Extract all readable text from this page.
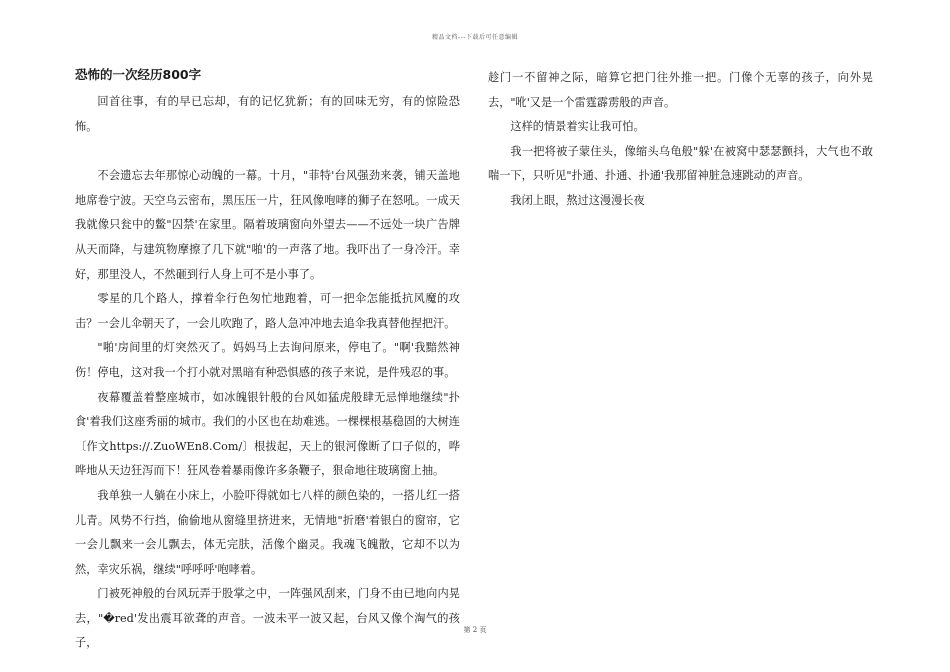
精品文档---下载后可任意编辑
恐怖的一次经历800字

回首往事，有的早已忘却，有的记忆犹新；有的回味无穷，有的惊险恐怖。

不会遗忘去年那惊心动魄的一幕。十月，"菲特'台风强劲来袭，铺天盖地地席卷宁波。天空乌云密布，黑压压一片，狂风像咆哮的狮子在怒吼。一成天我就像只瓮中的鳖"囚禁'在家里。隔着玻璃窗向外望去——不远处一块广告牌从天而降，与建筑物摩擦了几下就"啪'的一声落了地。我吓出了一身冷汗。幸好，那里没人，不然砸到行人身上可不是小事了。

零星的几个路人，撑着伞行色匆忙地跑着，可一把伞怎能抵抗风魔的攻击？一会儿伞朝天了，一会儿吹跑了，路人急冲冲地去追伞我真替他捏把汗。

"啪'房间里的灯突然灭了。妈妈马上去询问原来，停电了。"啊'我黯然神伤！停电，这对我一个打小就对黑暗有种恐惧感的孩子来说，是件残忍的事。

夜幕覆盖着整座城市，如冰魄银针般的台风如猛虎般肆无忌惮地继续"扑食'着我们这座秀丽的城市。我们的小区也在劫难逃。一棵棵根基稳固的大树连〔作文https://.ZuoWEn8.Com/〕根拔起，天上的银河像断了口子似的，哗哗地从天边狂泻而下！狂风卷着暴雨像许多条鞭子，狠命地往玻璃窗上抽。

我单独一人躺在小床上，小脸吓得就如七八样的颜色染的，一搭儿红一搭儿青。风势不行挡，偷偷地从窗缝里挤进来，无情地"折磨'着银白的窗帘，它一会儿飘来一会儿飘去，体无完肤，活像个幽灵。我魂飞魄散，它却不以为然，幸灾乐祸，继续"呼呼呼'咆哮着。

门被死神般的台风玩弄于股掌之中，一阵强风刮来，门身不由已地向内晃去，"�red'发出震耳欲聋的声音。一波未平一波又起，台风又像个淘气的孩子，

趁门一不留神之际，暗算它把门往外推一把。门像个无辜的孩子，向外晃去，"吪'又是一个雷霆霹雳般的声音。

这样的情景着实让我可怕。

我一把将被子蒙住头，像缩头乌龟般"躲'在被窝中瑟瑟颤抖，大气也不敢喘一下，只听见"扑通、扑通、扑通'我那留神脏急速跳动的声音。

我闭上眼，熬过这漫漫长夜

第 2 页
